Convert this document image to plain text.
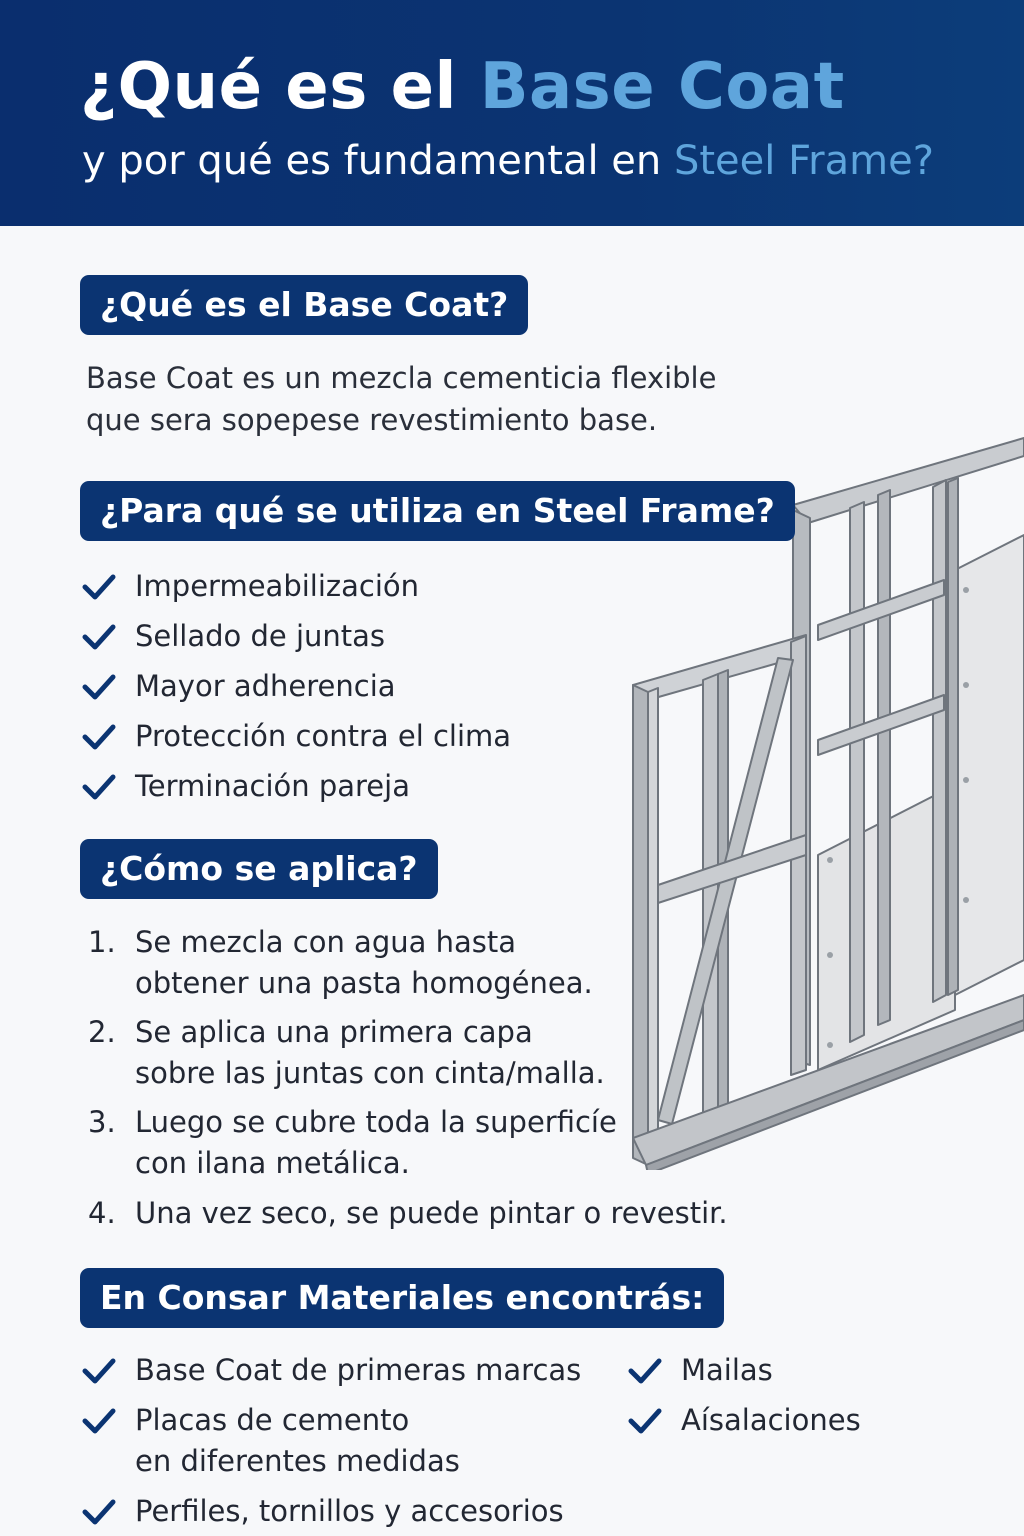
¿Qué es el Base Coat
y por qué es fundamental en Steel Frame?
¿Qué es el Base Coat?
Base Coat es un mezcla cementicia flexible
que sera sopepese revestimiento base.
¿Para qué se utiliza en Steel Frame?
Impermeabilización
Sellado de juntas
Mayor adherencia
Protección contra el clima
Terminación pareja
¿Cómo se aplica?
1. Se mezcla con agua hasta
obtener una pasta homogénea.
2. Se aplica una primera capa
sobre las juntas con cinta/malla.
3. Luego se cubre toda la superficíe
con ilana metálica.
4. Una vez seco, se puede pintar o revestir.
En Consar Materiales encontrás:
Base Coat de primeras marcas
Placas de cemento
en diferentes medidas
Perfiles, tornillos y accesorios
Mailas
Aísalaciones
